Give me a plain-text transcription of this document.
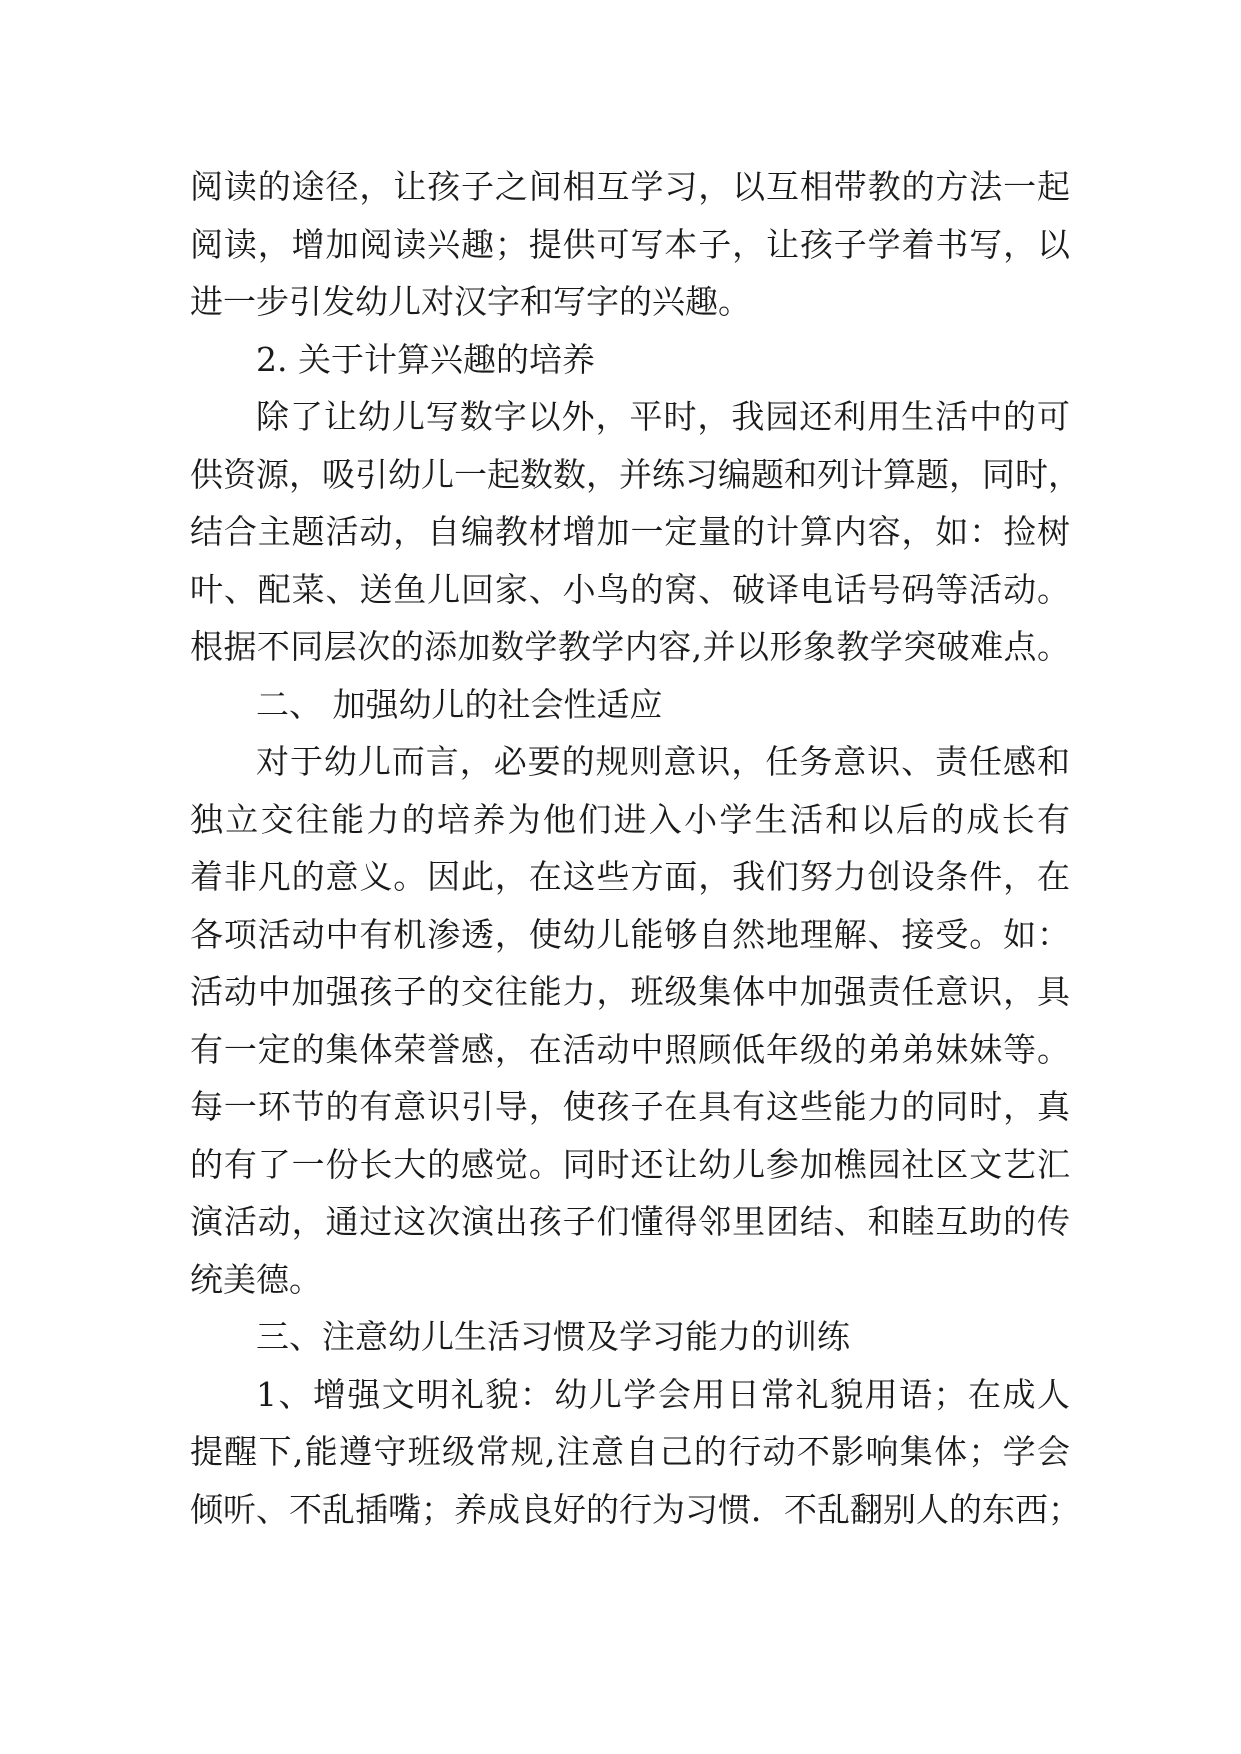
阅读的途径，让孩子之间相互学习，以互相带教的方法一起
阅读，增加阅读兴趣；提供可写本子，让孩子学着书写，以
进一步引发幼儿对汉字和写字的兴趣。
2. 关于计算兴趣的培养
除了让幼儿写数字以外，平时，我园还利用生活中的可
供资源，吸引幼儿一起数数，并练习编题和列计算题，同时，
结合主题活动，自编教材增加一定量的计算内容，如：捡树
叶、配菜、送鱼儿回家、小鸟的窝、破译电话号码等活动。
根据不同层次的添加数学教学内容,并以形象教学突破难点。
二、 加强幼儿的社会性适应
对于幼儿而言，必要的规则意识，任务意识、责任感和
独立交往能力的培养为他们进入小学生活和以后的成长有
着非凡的意义。因此，在这些方面，我们努力创设条件，在
各项活动中有机渗透，使幼儿能够自然地理解、接受。如：
活动中加强孩子的交往能力，班级集体中加强责任意识，具
有一定的集体荣誉感，在活动中照顾低年级的弟弟妹妹等。
每一环节的有意识引导，使孩子在具有这些能力的同时，真
的有了一份长大的感觉。同时还让幼儿参加樵园社区文艺汇
演活动，通过这次演出孩子们懂得邻里团结、和睦互助的传
统美德。
三、注意幼儿生活习惯及学习能力的训练
1、增强文明礼貌：幼儿学会用日常礼貌用语；在成人
提醒下,能遵守班级常规,注意自己的行动不影响集体；学会
倾听、不乱插嘴；养成良好的行为习惯．不乱翻别人的东西；
